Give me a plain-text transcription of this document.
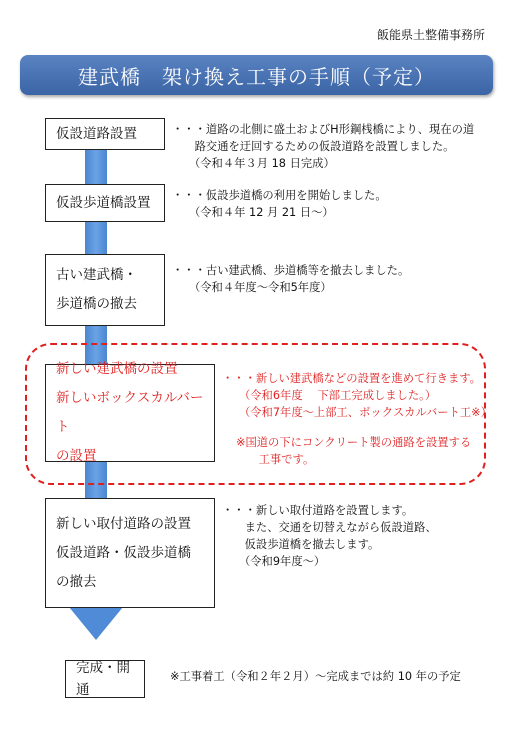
飯能県土整備事務所
建武橋　架け換え工事の手順（予定）
仮設道路設置	・・・道路の北側に盛土およびH形鋼桟橋により、現在の道
　　路交通を迂回するための仮設道路を設置しました。
　　（令和４年３月 18 日完成）
仮設歩道橋設置	・・・仮設歩道橋の利用を開始しました。
　　（令和４年 12 月 21 日～）
古い建武橋・
歩道橋の撤去
・・・古い建武橋、歩道橋等を撤去しました。
　　（令和４年度～令和5年度）
新しい建武橋の設置
新しいボックスカルバート
の設置
・・・新しい建武橋などの設置を進めて行きます。
　　（令和6年度　 下部工完成しました。）
　　（令和7年度～上部工、ボックスカルバート工※）
※国道の下にコンクリート製の通路を設置する
　　工事です。
新しい取付道路の設置
仮設道路・仮設歩道橋
の撤去
・・・新しい取付道路を設置します。
　　また、交通を切替えながら仮設道路、
　　仮設歩道橋を撤去します。
　　（令和9年度～）
完成・開通
※工事着工（令和２年２月）～完成までは約 10 年の予定
